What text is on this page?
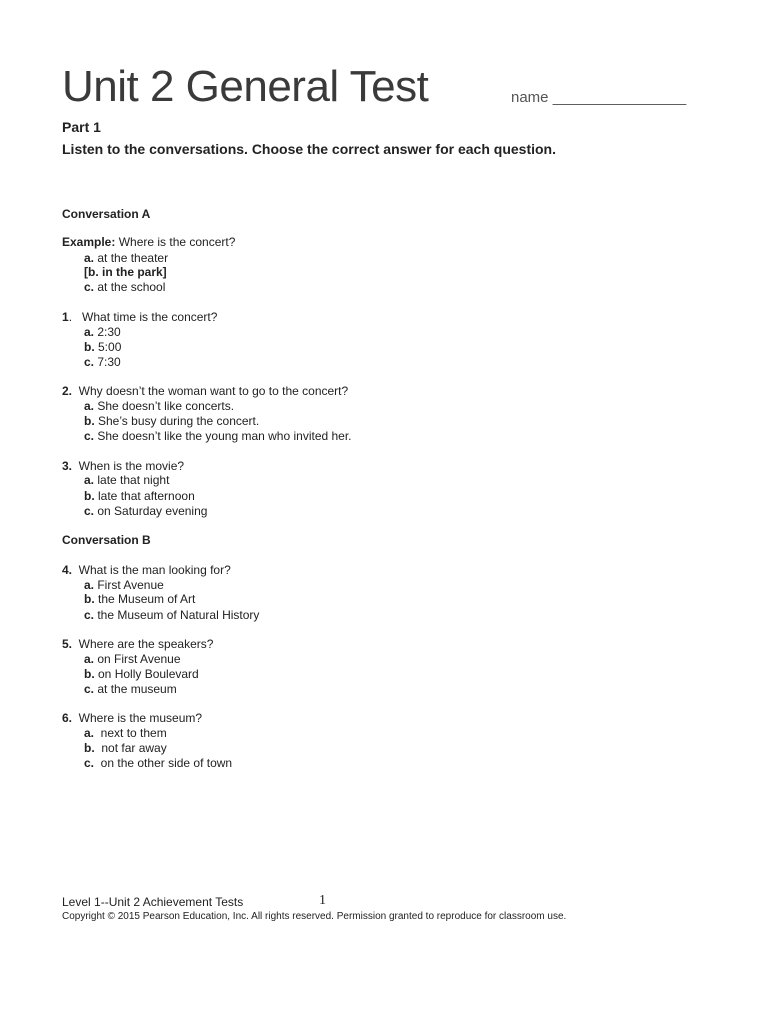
Unit 2 General Test	name ________________
Part 1
Listen to the conversations. Choose the correct answer for each question.
Conversation A
Example: Where is the concert?
a. at the theater
[b. in the park]
c. at the school
1.   What time is the concert?
a. 2:30
b. 5:00
c. 7:30
2.  Why doesn’t the woman want to go to the concert?
a. She doesn’t like concerts.
b. She’s busy during the concert.
c. She doesn’t like the young man who invited her.
3.  When is the movie?
a. late that night
b. late that afternoon
c. on Saturday evening
Conversation B
4.  What is the man looking for?
a. First Avenue
b. the Museum of Art
c. the Museum of Natural History
5.  Where are the speakers?
a. on First Avenue
b. on Holly Boulevard
c. at the museum
6.  Where is the museum?
a.  next to them
b.  not far away
c.  on the other side of town
Level 1--Unit 2 Achievement Tests	1
Copyright © 2015 Pearson Education, Inc. All rights reserved. Permission granted to reproduce for classroom use.
